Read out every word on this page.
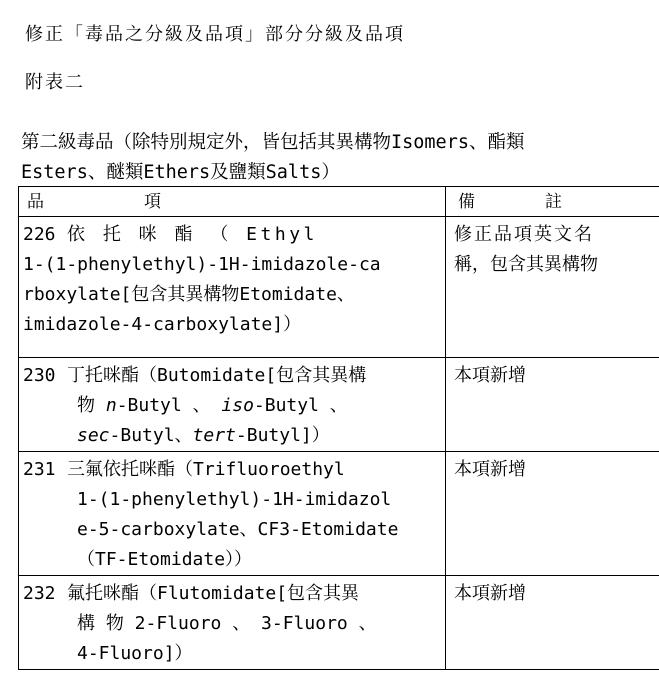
修正「毒品之分級及品項」部分分級及品項
附表二
第二級毒品（除特別規定外，皆包括其異構物Isomers、酯類
Esters、醚類Ethers及鹽類Salts）
品 項	備 註

226 依 托 咪 酯 （ Ethyl
1-(1-phenylethyl)-1H-imidazole-ca
rboxylate[包含其異構物Etomidate、
imidazole-4-carboxylate]）	修正品項英文名
稱，包含其異構物

230 丁托咪酯（Butomidate[包含其異構
物 n-Butyl 、 iso-Butyl 、
sec-Butyl、tert-Butyl]）	本項新增

231 三氟依托咪酯（Trifluoroethyl
1-(1-phenylethyl)-1H-imidazol
e-5-carboxylate、CF3-Etomidate
（TF-Etomidate））	本項新增

232 氟托咪酯（Flutomidate[包含其異
構 物 2-Fluoro 、 3-Fluoro 、
4-Fluoro]）	本項新增
